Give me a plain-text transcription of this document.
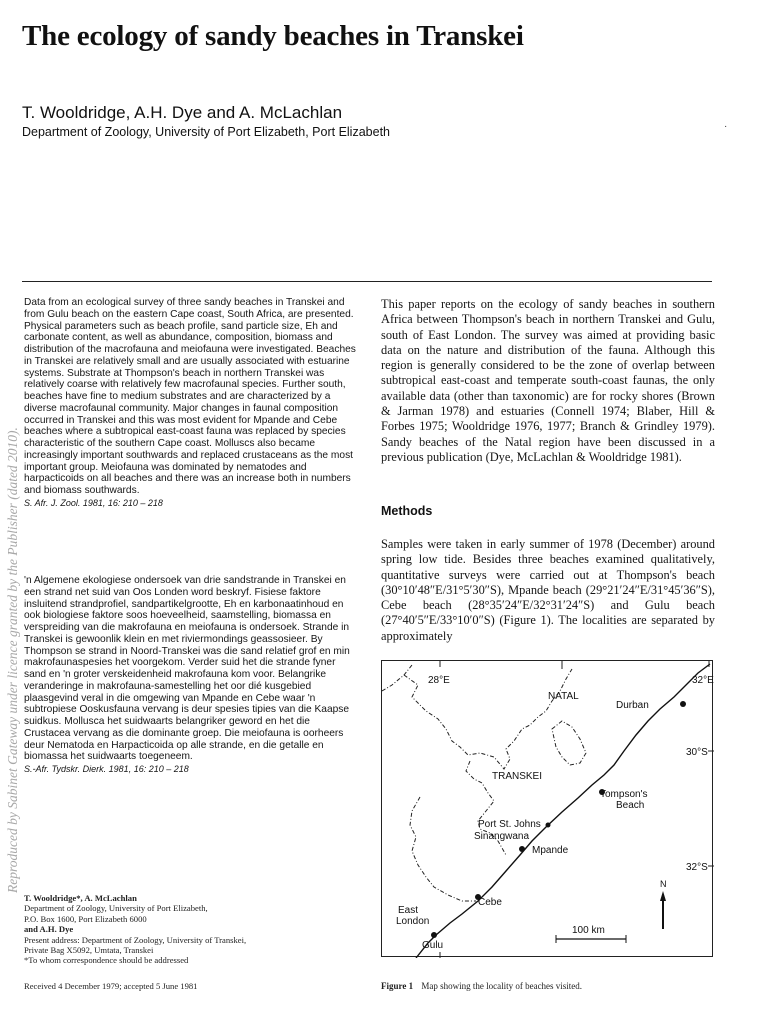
The ecology of sandy beaches in Transkei
T. Wooldridge, A.H. Dye and A. McLachlan
Department of Zoology, University of Port Elizabeth, Port Elizabeth	·
Reproduced by Sabinet Gateway under licence granted by the Publisher (dated 2010).

Data from an ecological survey of three sandy beaches in Transkei and from Gulu beach on the eastern Cape coast, South Africa, are presented. Physical parameters such as beach profile, sand particle size, Eh and carbonate content, as well as abundance, composition, biomass and distribution of the macrofauna and meiofauna were investigated. Beaches in Transkei are relatively small and are usually associated with estuarine systems. Substrate at Thompson's beach in northern Transkei was relatively coarse with relatively few macrofaunal species. Further south, beaches have fine to medium substrates and are characterized by a diverse macrofaunal community. Major changes in faunal composition occurred in Transkei and this was most evident for Mpande and Cebe beaches where a subtropical east-coast fauna was replaced by species characteristic of the southern Cape coast. Molluscs also became increasingly important southwards and replaced crustaceans as the most important group. Meiofauna was dominated by nematodes and harpacticoids on all beaches and there was an increase both in numbers and biomass southwards.
S. Afr. J. Zool. 1981, 16: 210 – 218

'n Algemene ekologiese ondersoek van drie sandstrande in Transkei en een strand net suid van Oos Londen word beskryf. Fisiese faktore insluitend strandprofiel, sandpartikelgrootte, Eh en karbonaatinhoud en ook biologiese faktore soos hoeveelheid, saamstelling, biomassa en verspreiding van die makrofauna en meiofauna is ondersoek. Strande in Transkei is gewoonlik klein en met riviermondings geassosieer. By Thompson se strand in Noord-Transkei was die sand relatief grof en min makrofaunaspesies het voorgekom. Verder suid het die strande fyner sand en 'n groter verskeidenheid makrofauna kom voor. Belangrike veranderinge in makrofauna-samestelling het oor dié kusgebied plaasgevind veral in die omgewing van Mpande en Cebe waar 'n subtropiese Ooskusfauna vervang is deur spesies tipies van die Kaapse suidkus. Mollusca het suidwaarts belangriker geword en het die Crustacea vervang as die dominante groep. Die meiofauna is oorheers deur Nematoda en Harpacticoida op alle strande, en die getalle en biomassa het suidwaarts toegeneem.
S.-Afr. Tydskr. Dierk. 1981, 16: 210 – 218

T. Wooldridge*, A. McLachlan
Department of Zoology, University of Port Elizabeth,
P.O. Box 1600, Port Elizabeth 6000
and A.H. Dye
Present address: Department of Zoology, University of Transkei,
Private Bag X5092, Umtata, Transkei
*To whom correspondence should be addressed
Received 4 December 1979; accepted 5 June 1981

This paper reports on the ecology of sandy beaches in southern Africa between Thompson's beach in northern Transkei and Gulu, south of East London. The survey was aimed at providing basic data on the nature and distribution of the fauna. Although this region is generally considered to be the zone of overlap between subtropical east-coast and temperate south-coast faunas, the only available data (other than taxonomic) are for rocky shores (Brown & Jarman 1978) and estuaries (Connell 1974; Blaber, Hill & Forbes 1975; Wooldridge 1976, 1977; Branch & Grindley 1979). Sandy beaches of the Natal region have been discussed in a previous publication (Dye, McLachlan & Wooldridge 1981).

Methods

Samples were taken in early summer of 1978 (December) around spring low tide. Besides three beaches examined qualitatively, quantitative surveys were carried out at Thompson's beach (30°10′48″E/31°5′30″S), Mpande beach (29°21′24″E/31°45′36″S), Cebe beach (28°35′24″E/32°31′24″S) and Gulu beach (27°40′5″E/33°10′0″S) (Figure 1). The localities are separated by approximately

28°E	32°E
30°S
32°S
NATAL
TRANSKEI
Durban
Tompson's
Beach
Port St. Johns
Sinangwana
Mpande
Cebe
East
London
Gulu
N
100 km
Figure 1 Map showing the locality of beaches visited.
